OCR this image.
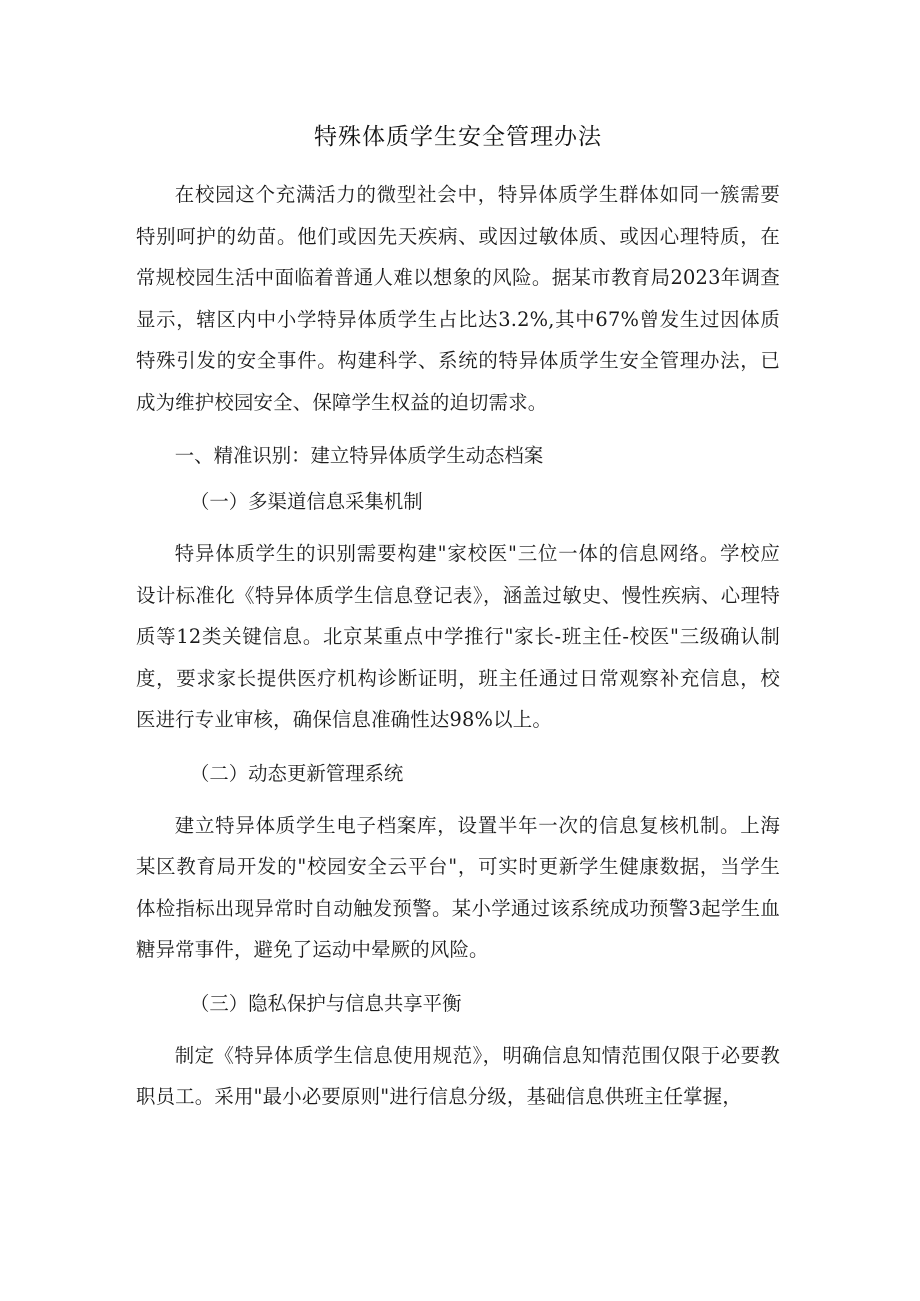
特殊体质学生安全管理办法

在校园这个充满活力的微型社会中，特异体质学生群体如同一簇需要特别呵护的幼苗。他们或因先天疾病、或因过敏体质、或因心理特质，在常规校园生活中面临着普通人难以想象的风险。据某市教育局2023年调查显示，辖区内中小学特异体质学生占比达3.2%,其中67%曾发生过因体质特殊引发的安全事件。构建科学、系统的特异体质学生安全管理办法，已成为维护校园安全、保障学生权益的迫切需求。

一、精准识别：建立特异体质学生动态档案
（一）多渠道信息采集机制

特异体质学生的识别需要构建"家校医"三位一体的信息网络。学校应设计标准化《特异体质学生信息登记表》，涵盖过敏史、慢性疾病、心理特质等12类关键信息。北京某重点中学推行"家长-班主任-校医"三级确认制度，要求家长提供医疗机构诊断证明，班主任通过日常观察补充信息，校医进行专业审核，确保信息准确性达98%以上。

（二）动态更新管理系统

建立特异体质学生电子档案库，设置半年一次的信息复核机制。上海某区教育局开发的"校园安全云平台"，可实时更新学生健康数据，当学生体检指标出现异常时自动触发预警。某小学通过该系统成功预警3起学生血糖异常事件，避免了运动中晕厥的风险。

（三）隐私保护与信息共享平衡

制定《特异体质学生信息使用规范》，明确信息知情范围仅限于必要教职员工。采用"最小必要原则"进行信息分级，基础信息供班主任掌握，
